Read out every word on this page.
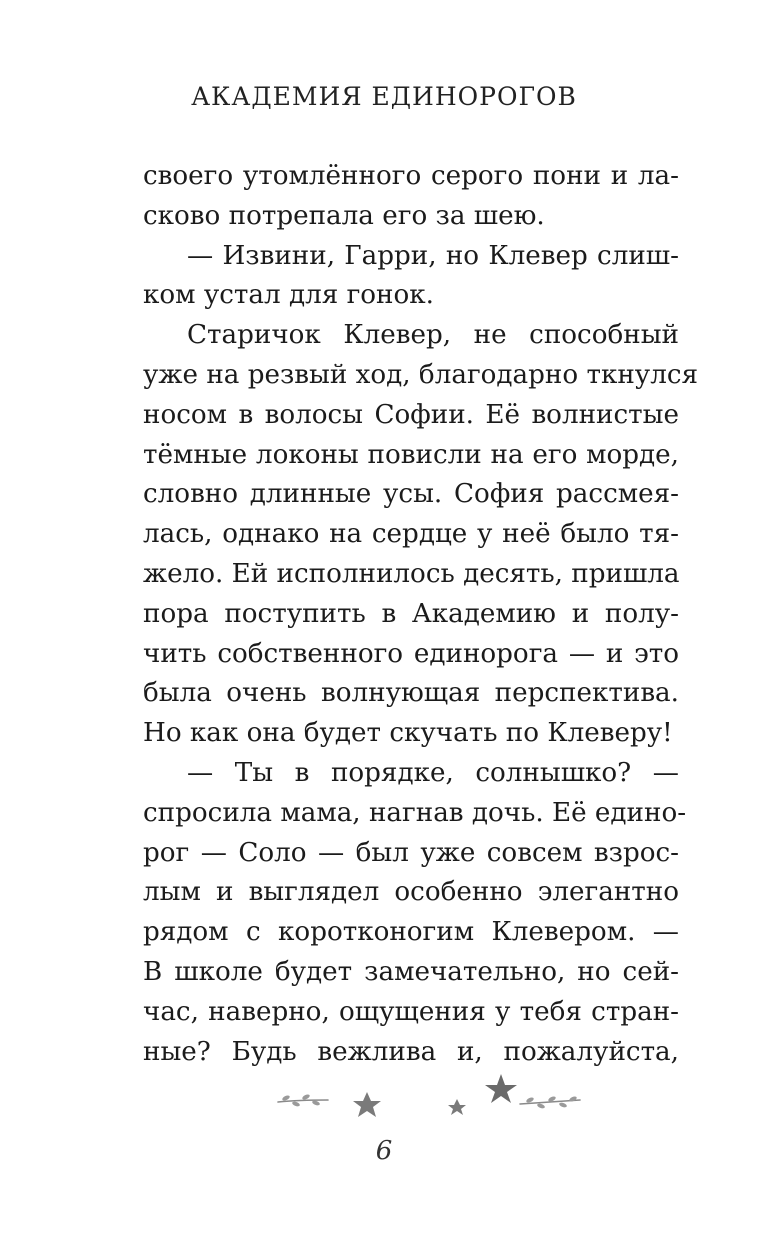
АКАДЕМИЯ ЕДИНОРОГОВ
своего утомлённого серого пони и ла-
сково потрепала его за шею.
— Извини, Гарри, но Клевер слиш-
ком устал для гонок.
Старичок Клевер, не способный
уже на резвый ход, благодарно ткнулся
носом в волосы Софии. Её волнистые
тёмные локоны повисли на его морде,
словно длинные усы. София рассмея-
лась, однако на сердце у неё было тя-
жело. Ей исполнилось десять, пришла
пора поступить в Академию и полу-
чить собственного единорога — и это
была очень волнующая перспектива.
Но как она будет скучать по Клеверу!
— Ты в порядке, солнышко? —
спросила мама, нагнав дочь. Её едино-
рог — Соло — был уже совсем взрос-
лым и выглядел особенно элегантно
рядом с коротконогим Клевером. —
В школе будет замечательно, но сей-
час, наверно, ощущения у тебя стран-
ные? Будь вежлива и, пожалуйста,
6
